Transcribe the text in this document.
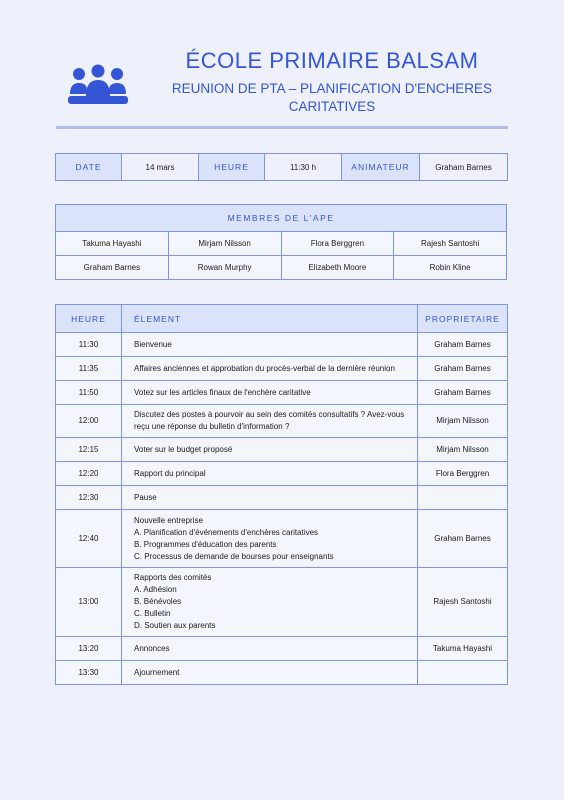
ÉCOLE PRIMAIRE BALSAM
REUNION DE PTA – PLANIFICATION D'ENCHERES
CARITATIVES
DATE	14 mars	HEURE	11:30 h	ANIMATEUR	Graham Barnes
MEMBRES DE L'APE			
Takuma Hayashi	Mirjam Nilsson	Flora Berggren	Rajesh Santoshi
Graham Barnes	Rowan Murphy	Elizabeth Moore	Robin Kline
HEURE	ÉLEMENT	PROPRIETAIRE
11:30	Bienvenue	Graham Barnes
11:35	Affaires anciennes et approbation du procès-verbal de la dernière réunion	Graham Barnes
11:50	Votez sur les articles finaux de l'enchère caritative	Graham Barnes
12:00	Discutez des postes à pourvoir au sein des comités consultatifs ? Avez-vous
reçu une réponse du bulletin d'information ?	Mirjam Nilsson
12:15	Voter sur le budget proposé	Mirjam Nilsson
12:20	Rapport du principal	Flora Berggren
12:30	Pause	

12:40	Nouvelle entreprise
A. Planification d'événements d'enchères caritatives
B. Programmes d'éducation des parents
C. Processus de demande de bourses pour enseignants	Graham Barnes
13:00	Rapports des comités
A. Adhésion
B. Bénévoles
C. Bulletin
D. Soutien aux parents	Rajesh Santoshi
13:20	Annonces	Takuma Hayashi
13:30	Ajournement	
